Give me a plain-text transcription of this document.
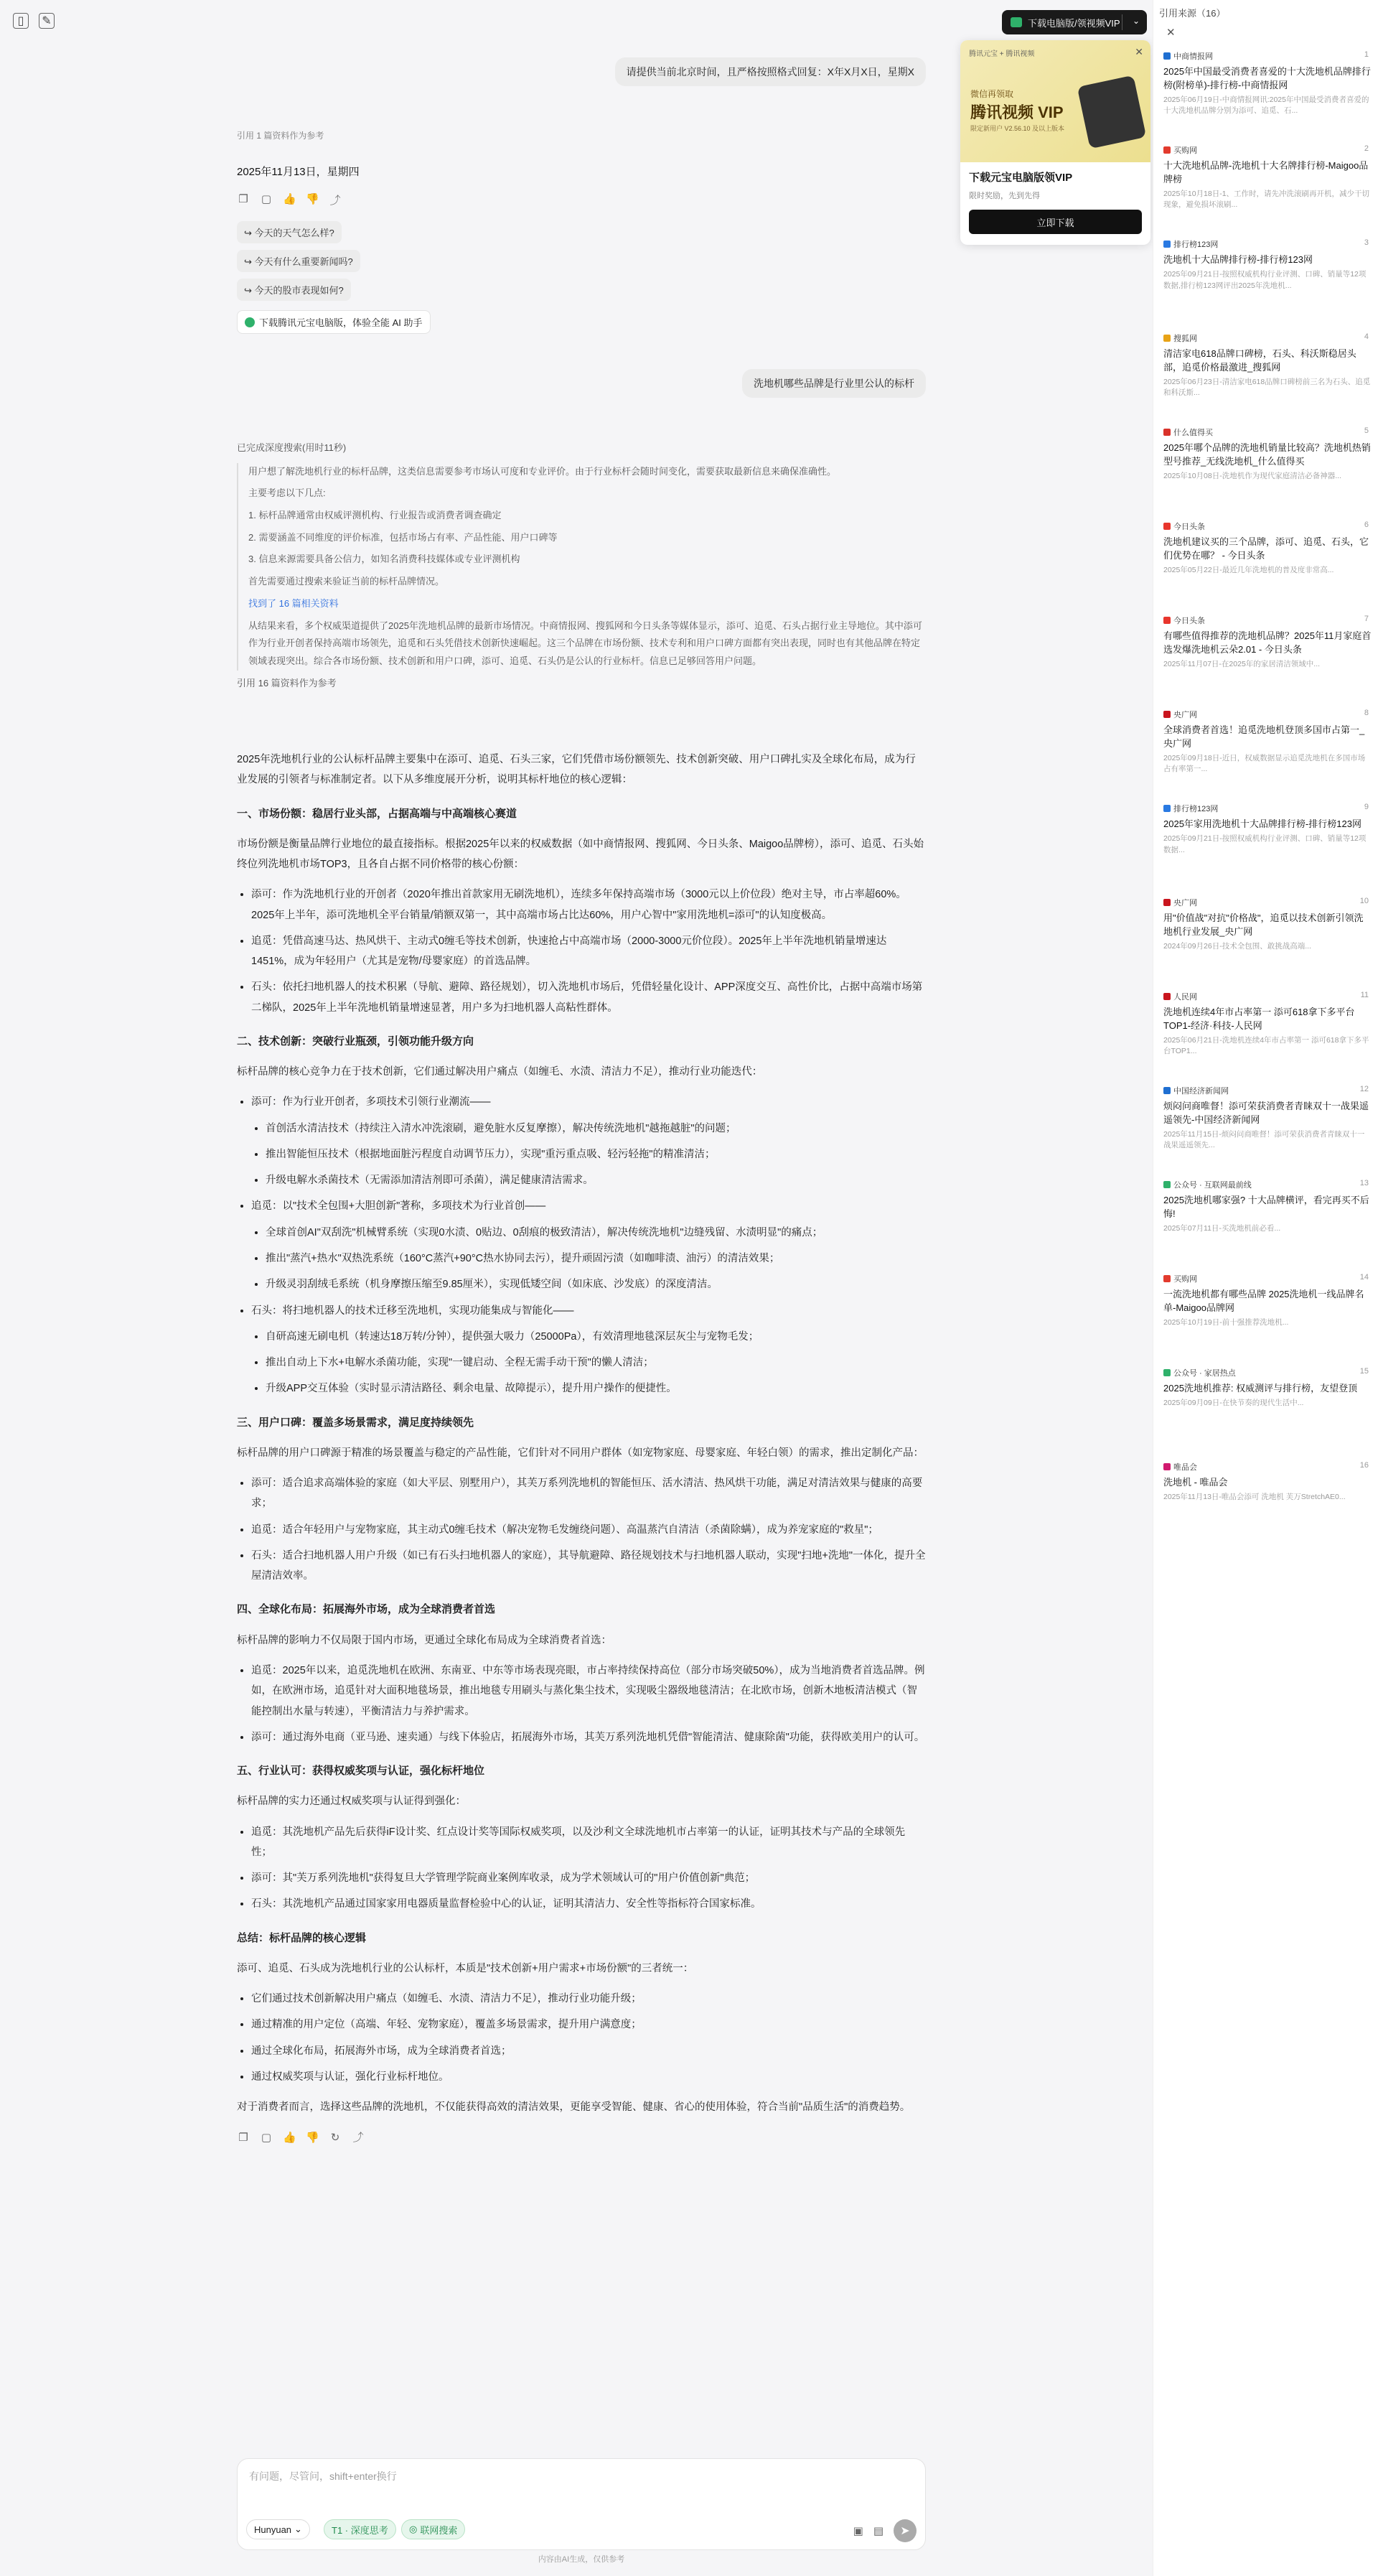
▯	✎	下载电脑版/领视频VIP ⌄
请提供当前北京时间，且严格按照格式回复：X年X月X日，星期X
引用 1 篇资料作为参考
2025年11月13日，星期四
❐ ▢ 👍 👎 ⤴
↪ 今天的天气怎么样?
↪ 今天有什么重要新闻吗?
↪ 今天的股市表现如何?
下载腾讯元宝电脑版，体验全能 AI 助手
洗地机哪些品牌是行业里公认的标杆
已完成深度搜索(用时11秒)

用户想了解洗地机行业的标杆品牌，这类信息需要参考市场认可度和专业评价。由于行业标杆会随时间变化，需要获取最新信息来确保准确性。

主要考虑以下几点:

1. 标杆品牌通常由权威评测机构、行业报告或消费者调查确定

2. 需要涵盖不同维度的评价标准，包括市场占有率、产品性能、用户口碑等

3. 信息来源需要具备公信力，如知名消费科技媒体或专业评测机构

首先需要通过搜索来验证当前的标杆品牌情况。

找到了 16 篇相关资料

从结果来看，多个权威渠道提供了2025年洗地机品牌的最新市场情况。中商情报网、搜狐网和今日头条等媒体显示，添可、追觅、石头占据行业主导地位。其中添可作为行业开创者保持高端市场领先，追觅和石头凭借技术创新快速崛起。这三个品牌在市场份额、技术专利和用户口碑方面都有突出表现，同时也有其他品牌在特定领域表现突出。综合各市场份额、技术创新和用户口碑，添可、追觅、石头仍是公认的行业标杆。信息已足够回答用户问题。

引用 16 篇资料作为参考

2025年洗地机行业的公认标杆品牌主要集中在添可、追觅、石头三家，它们凭借市场份额领先、技术创新突破、用户口碑扎实及全球化布局，成为行业发展的引领者与标准制定者。以下从多维度展开分析，说明其标杆地位的核心逻辑：

一、市场份额：稳居行业头部，占据高端与中高端核心赛道

市场份额是衡量品牌行业地位的最直接指标。根据2025年以来的权威数据（如中商情报网、搜狐网、今日头条、Maigoo品牌榜），添可、追觅、石头始终位列洗地机市场TOP3，且各自占据不同价格带的核心份额：

• 添可：作为洗地机行业的开创者（2020年推出首款家用无刷洗地机），连续多年保持高端市场（3000元以上价位段）绝对主导，市占率超60%。2025年上半年，添可洗地机全平台销量/销额双第一，其中高端市场占比达60%，用户心智中"家用洗地机=添可"的认知度极高。
• 追觅：凭借高速马达、热风烘干、主动式0缠毛等技术创新，快速抢占中高端市场（2000-3000元价位段）。2025年上半年洗地机销量增速达1451%，成为年轻用户（尤其是宠物/母婴家庭）的首选品牌。
• 石头：依托扫地机器人的技术积累（导航、避障、路径规划），切入洗地机市场后，凭借轻量化设计、APP深度交互、高性价比，占据中高端市场第二梯队，2025年上半年洗地机销量增速显著，用户多为扫地机器人高粘性群体。
二、技术创新：突破行业瓶颈，引领功能升级方向

标杆品牌的核心竞争力在于技术创新，它们通过解决用户痛点（如缠毛、水渍、清洁力不足），推动行业功能迭代：

• 添可：作为行业开创者，多项技术引领行业潮流——
• 首创活水清洁技术（持续注入清水冲洗滚刷，避免脏水反复摩擦），解决传统洗地机"越拖越脏"的问题；
• 推出智能恒压技术（根据地面脏污程度自动调节压力），实现"重污重点吸、轻污轻拖"的精准清洁；
• 升级电解水杀菌技术（无需添加清洁剂即可杀菌），满足健康清洁需求。
• 追觅：以"技术全包围+大胆创新"著称，多项技术为行业首创——
• 全球首创AI"双刮洗"机械臂系统（实现0水渍、0贴边、0刮痕的极致清洁），解决传统洗地机"边缝残留、水渍明显"的痛点；
• 推出"蒸汽+热水"双热洗系统（160°C蒸汽+90°C热水协同去污），提升顽固污渍（如咖啡渍、油污）的清洁效果；
• 升级灵羽刮绒毛系统（机身摩擦压缩至9.85厘米），实现低矮空间（如床底、沙发底）的深度清洁。
• 石头：将扫地机器人的技术迁移至洗地机，实现功能集成与智能化——
• 自研高速无刷电机（转速达18万转/分钟），提供强大吸力（25000Pa），有效清理地毯深层灰尘与宠物毛发；
• 推出自动上下水+电解水杀菌功能，实现"一键启动、全程无需手动干预"的懒人清洁；
• 升级APP交互体验（实时显示清洁路径、剩余电量、故障提示），提升用户操作的便捷性。
三、用户口碑：覆盖多场景需求，满足度持续领先

标杆品牌的用户口碑源于精准的场景覆盖与稳定的产品性能，它们针对不同用户群体（如宠物家庭、母婴家庭、年轻白领）的需求，推出定制化产品：

• 添可：适合追求高端体验的家庭（如大平层、别墅用户），其芙万系列洗地机的智能恒压、活水清洁、热风烘干功能，满足对清洁效果与健康的高要求；
• 追觅：适合年轻用户与宠物家庭，其主动式0缠毛技术（解决宠物毛发缠绕问题）、高温蒸汽自清洁（杀菌除螨），成为养宠家庭的"救星"；
• 石头：适合扫地机器人用户升级（如已有石头扫地机器人的家庭），其导航避障、路径规划技术与扫地机器人联动，实现"扫地+洗地"一体化，提升全屋清洁效率。
四、全球化布局：拓展海外市场，成为全球消费者首选

标杆品牌的影响力不仅局限于国内市场，更通过全球化布局成为全球消费者首选：

• 追觅：2025年以来，追觅洗地机在欧洲、东南亚、中东等市场表现亮眼，市占率持续保持高位（部分市场突破50%），成为当地消费者首选品牌。例如，在欧洲市场，追觅针对大面积地毯场景，推出地毯专用刷头与蒸化集尘技术，实现吸尘器级地毯清洁；在北欧市场，创新木地板清洁模式（智能控制出水量与转速），平衡清洁力与养护需求。
• 添可：通过海外电商（亚马逊、速卖通）与线下体验店，拓展海外市场，其芙万系列洗地机凭借"智能清洁、健康除菌"功能，获得欧美用户的认可。
五、行业认可：获得权威奖项与认证，强化标杆地位

标杆品牌的实力还通过权威奖项与认证得到强化：

• 追觅：其洗地机产品先后获得iF设计奖、红点设计奖等国际权威奖项，以及沙利文全球洗地机市占率第一的认证，证明其技术与产品的全球领先性；
• 添可：其"芙万系列洗地机"获得复旦大学管理学院商业案例库收录，成为学术领域认可的"用户价值创新"典范；
• 石头：其洗地机产品通过国家家用电器质量监督检验中心的认证，证明其清洁力、安全性等指标符合国家标准。
总结：标杆品牌的核心逻辑

添可、追觅、石头成为洗地机行业的公认标杆，本质是"技术创新+用户需求+市场份额"的三者统一：

• 它们通过技术创新解决用户痛点（如缠毛、水渍、清洁力不足），推动行业功能升级；
• 通过精准的用户定位（高端、年轻、宠物家庭），覆盖多场景需求，提升用户满意度；
• 通过全球化布局，拓展海外市场，成为全球消费者首选；
• 通过权威奖项与认证，强化行业标杆地位。

对于消费者而言，选择这些品牌的洗地机，不仅能获得高效的清洁效果，更能享受智能、健康、省心的使用体验，符合当前"品质生活"的消费趋势。

❐ ▢ 👍 👎 ↻ ⤴
有问题，尽管问，shift+enter换行
Hunyuan ⌄	T1 · 深度思考 ◎ 联网搜索	▣ ▤	➤
内容由AI生成，仅供参考
腾讯元宝 + 腾讯视频	✕
微信再领取
腾讯视频 VIP
限定新用户 V2.56.10 及以上版本
下载元宝电脑版领VIP
限时奖励，先到先得
立即下载
引用来源（16）
✕
中商情报网	1
2025年中国最受消费者喜爱的十大洗地机品牌排行榜(附榜单)-排行榜-中商情报网
2025年06月19日-中商情报网讯:2025年中国最受消费者喜爱的十大洗地机品牌分别为添可、追觅、石...
买购网	2
十大洗地机品牌-洗地机十大名牌排行榜-Maigoo品牌榜
2025年10月18日-1、工作时，请先冲洗滚刷再开机，减少干切现象，避免损坏滚刷...
排行榜123网	3
洗地机十大品牌排行榜-排行榜123网
2025年09月21日-按照权威机构行业评测、口碑、销量等12项数据,排行榜123网评出2025年洗地机...
搜狐网	4
清洁家电618品牌口碑榜，石头、科沃斯稳居头部，追觅价格最激进_搜狐网
2025年06月23日-清洁家电618品牌口碑榜前三名为石头、追觅和科沃斯...
什么值得买	5
2025年哪个品牌的洗地机销量比较高？洗地机热销型号推荐_无线洗地机_什么值得买
2025年10月08日-洗地机作为现代家庭清洁必备神器...
今日头条	6
洗地机建议买的三个品牌，添可、追觅、石头，它们优势在哪？ - 今日头条
2025年05月22日-最近几年洗地机的普及度非常高...
今日头条	7
有哪些值得推荐的洗地机品牌？2025年11月家庭首选发爆洗地机云朵2.01 - 今日头条
2025年11月07日-在2025年的家居清洁领域中...
央广网	8
全球消费者首选！追觅洗地机登顶多国市占第一_央广网
2025年09月18日-近日，权威数据显示追觅洗地机在多国市场占有率第一...
排行榜123网	9
2025年家用洗地机十大品牌排行榜-排行榜123网
2025年09月21日-按照权威机构行业评测、口碑、销量等12项数据...
央广网	10
用"价值战"对抗"价格战"，追觅以技术创新引领洗地机行业发展_央广网
2024年09月26日-技术全包围、敢挑战高端...
人民网	11
洗地机连续4年市占率第一 添可618拿下多平台TOP1-经济·科技-人民网
2025年06月21日-洗地机连续4年市占率第一 添可618拿下多平台TOP1...
中国经济新闻网	12
烦闷问商唯督！添可荣获消费者青睐双十一战果遥遥领先-中国经济新闻网
2025年11月15日-烦闷问商唯督！添可荣获消费者青睐双十一战果遥遥领先...
公众号 · 互联网最前线	13
2025洗地机哪家强? 十大品牌横评，看完再买不后悔!
2025年07月11日-买洗地机前必看...
买购网	14
一流洗地机都有哪些品牌 2025洗地机一线品牌名单-Maigoo品牌网
2025年10月19日-前十强推荐洗地机...
公众号 · 家居热点	15
2025洗地机推荐: 权威测评与排行榜，友望登顶
2025年09月09日-在快节奏的现代生活中...
唯品会	16
洗地机 - 唯品会
2025年11月13日-唯品会添可 洗地机 芙万StretchAE0...
